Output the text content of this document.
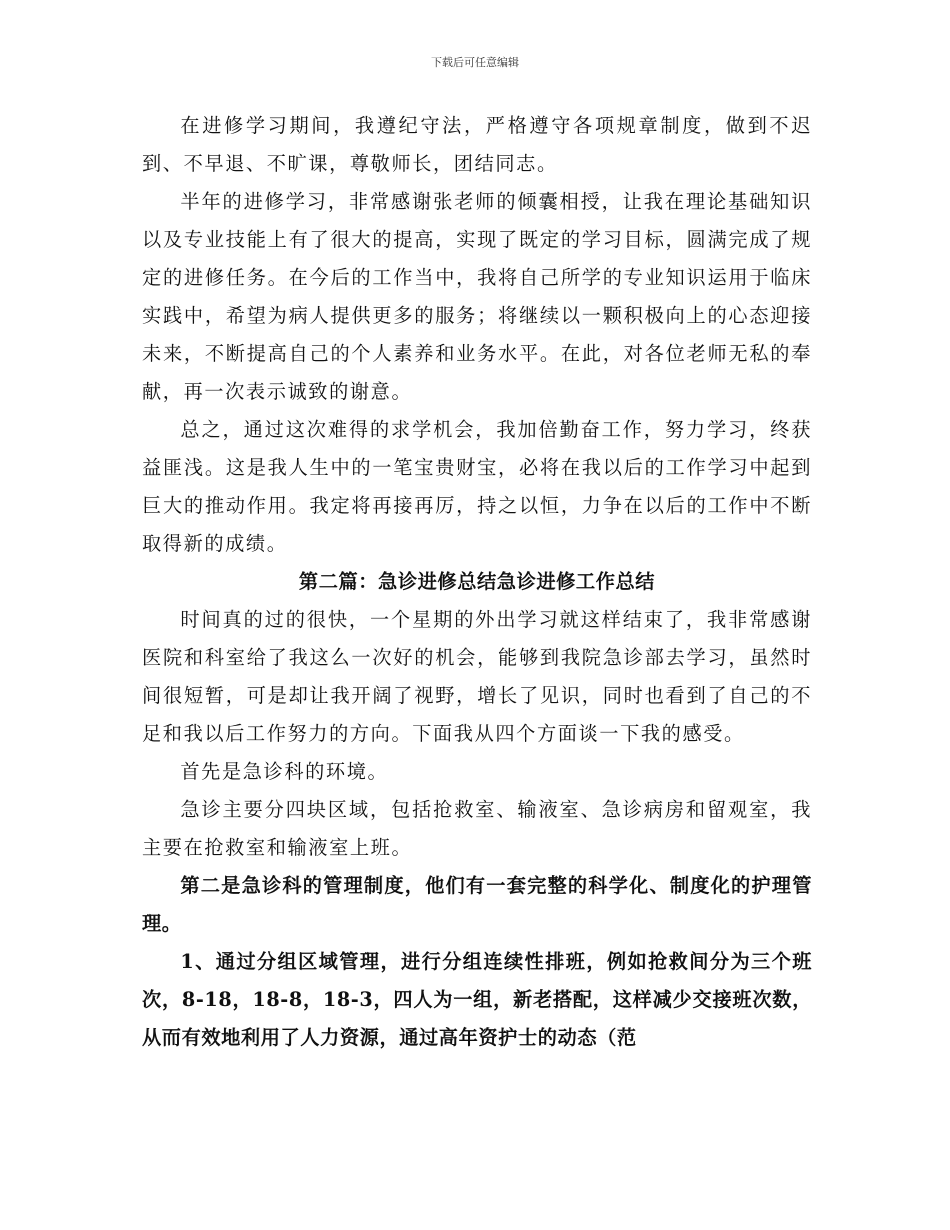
下载后可任意编辑

在进修学习期间，我遵纪守法，严格遵守各项规章制度，做到不迟到、不早退、不旷课，尊敬师长，团结同志。

半年的进修学习，非常感谢张老师的倾囊相授，让我在理论基础知识以及专业技能上有了很大的提高，实现了既定的学习目标，圆满完成了规定的进修任务。在今后的工作当中，我将自己所学的专业知识运用于临床实践中，希望为病人提供更多的服务；将继续以一颗积极向上的心态迎接未来，不断提高自己的个人素养和业务水平。在此，对各位老师无私的奉献，再一次表示诚致的谢意。

总之，通过这次难得的求学机会，我加倍勤奋工作，努力学习，终获益匪浅。这是我人生中的一笔宝贵财宝，必将在我以后的工作学习中起到巨大的推动作用。我定将再接再厉，持之以恒，力争在以后的工作中不断取得新的成绩。

第二篇：急诊进修总结急诊进修工作总结

时间真的过的很快，一个星期的外出学习就这样结束了，我非常感谢医院和科室给了我这么一次好的机会，能够到我院急诊部去学习，虽然时间很短暂，可是却让我开阔了视野，增长了见识，同时也看到了自己的不足和我以后工作努力的方向。下面我从四个方面谈一下我的感受。

首先是急诊科的环境。

急诊主要分四块区域，包括抢救室、输液室、急诊病房和留观室，我主要在抢救室和输液室上班。

第二是急诊科的管理制度，他们有一套完整的科学化、制度化的护理管理。

1、通过分组区域管理，进行分组连续性排班，例如抢救间分为三个班次，8-18，18-8，18-3，四人为一组，新老搭配，这样减少交接班次数，从而有效地利用了人力资源，通过高年资护士的动态（范
